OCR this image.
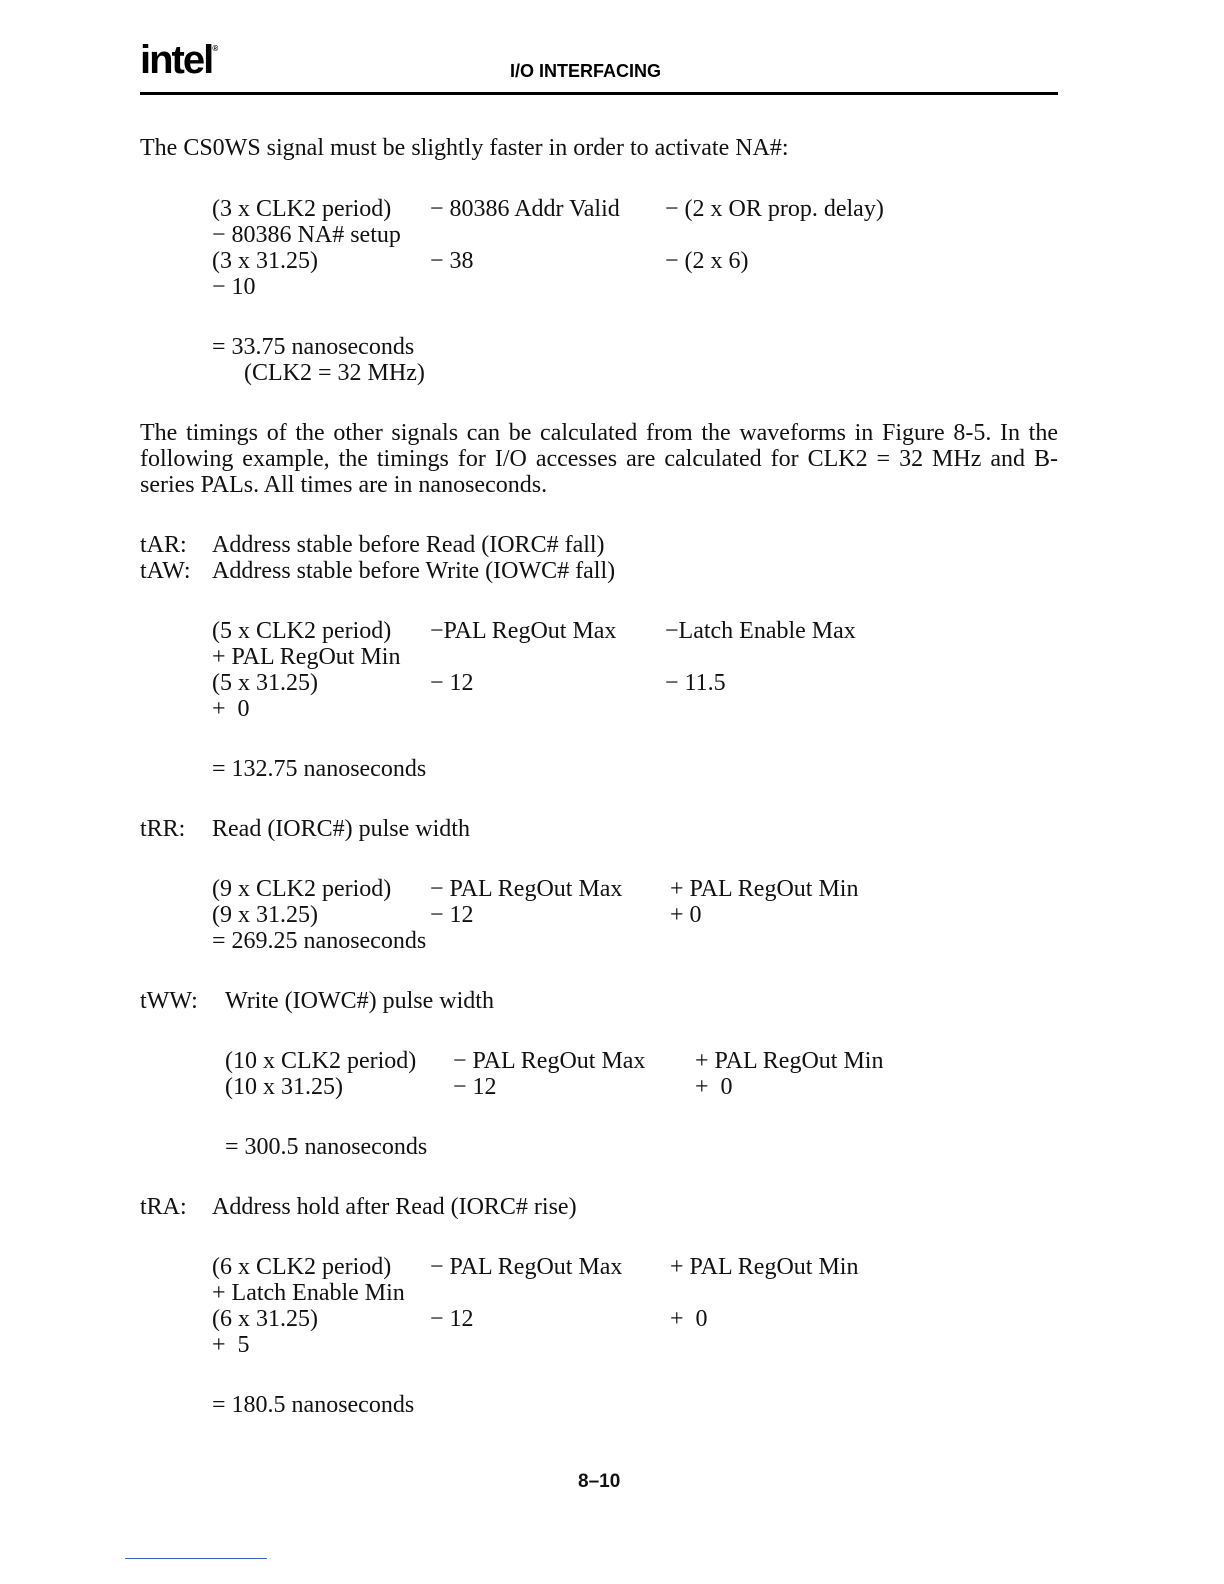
intel ®
I/O INTERFACING
The CS0WS signal must be slightly faster in order to activate NA#:
(3 x CLK2 period) − 80386 Addr Valid − (2 x OR prop. delay)
− 80386 NA# setup
(3 x 31.25)	− 38	− (2 x 6)
− 10
= 33.75 nanoseconds
(CLK2 = 32 MHz)
The timings of the other signals can be calculated from the waveforms in Figure 8-5. In the following example, the timings for I/O accesses are calculated for CLK2 = 32 MHz and B-series PALs. All times are in nanoseconds.
tAR: Address stable before Read (IORC# fall)
tAW: Address stable before Write (IOWC# fall)
(5 x CLK2 period) −PAL RegOut Max −Latch Enable Max
+ PAL RegOut Min
(5 x 31.25)	− 12	− 11.5
+  0
= 132.75 nanoseconds
tRR: Read (IORC#) pulse width
(9 x CLK2 period) − PAL RegOut Max + PAL RegOut Min
(9 x 31.25)	− 12	+ 0
= 269.25 nanoseconds
tWW: Write (IOWC#) pulse width
(10 x CLK2 period) − PAL RegOut Max + PAL RegOut Min
(10 x 31.25)	− 12	+  0
= 300.5 nanoseconds
tRA: Address hold after Read (IORC# rise)
(6 x CLK2 period) − PAL RegOut Max + PAL RegOut Min
+ Latch Enable Min
(6 x 31.25)	− 12	+  0
+  5
= 180.5 nanoseconds
8–10
